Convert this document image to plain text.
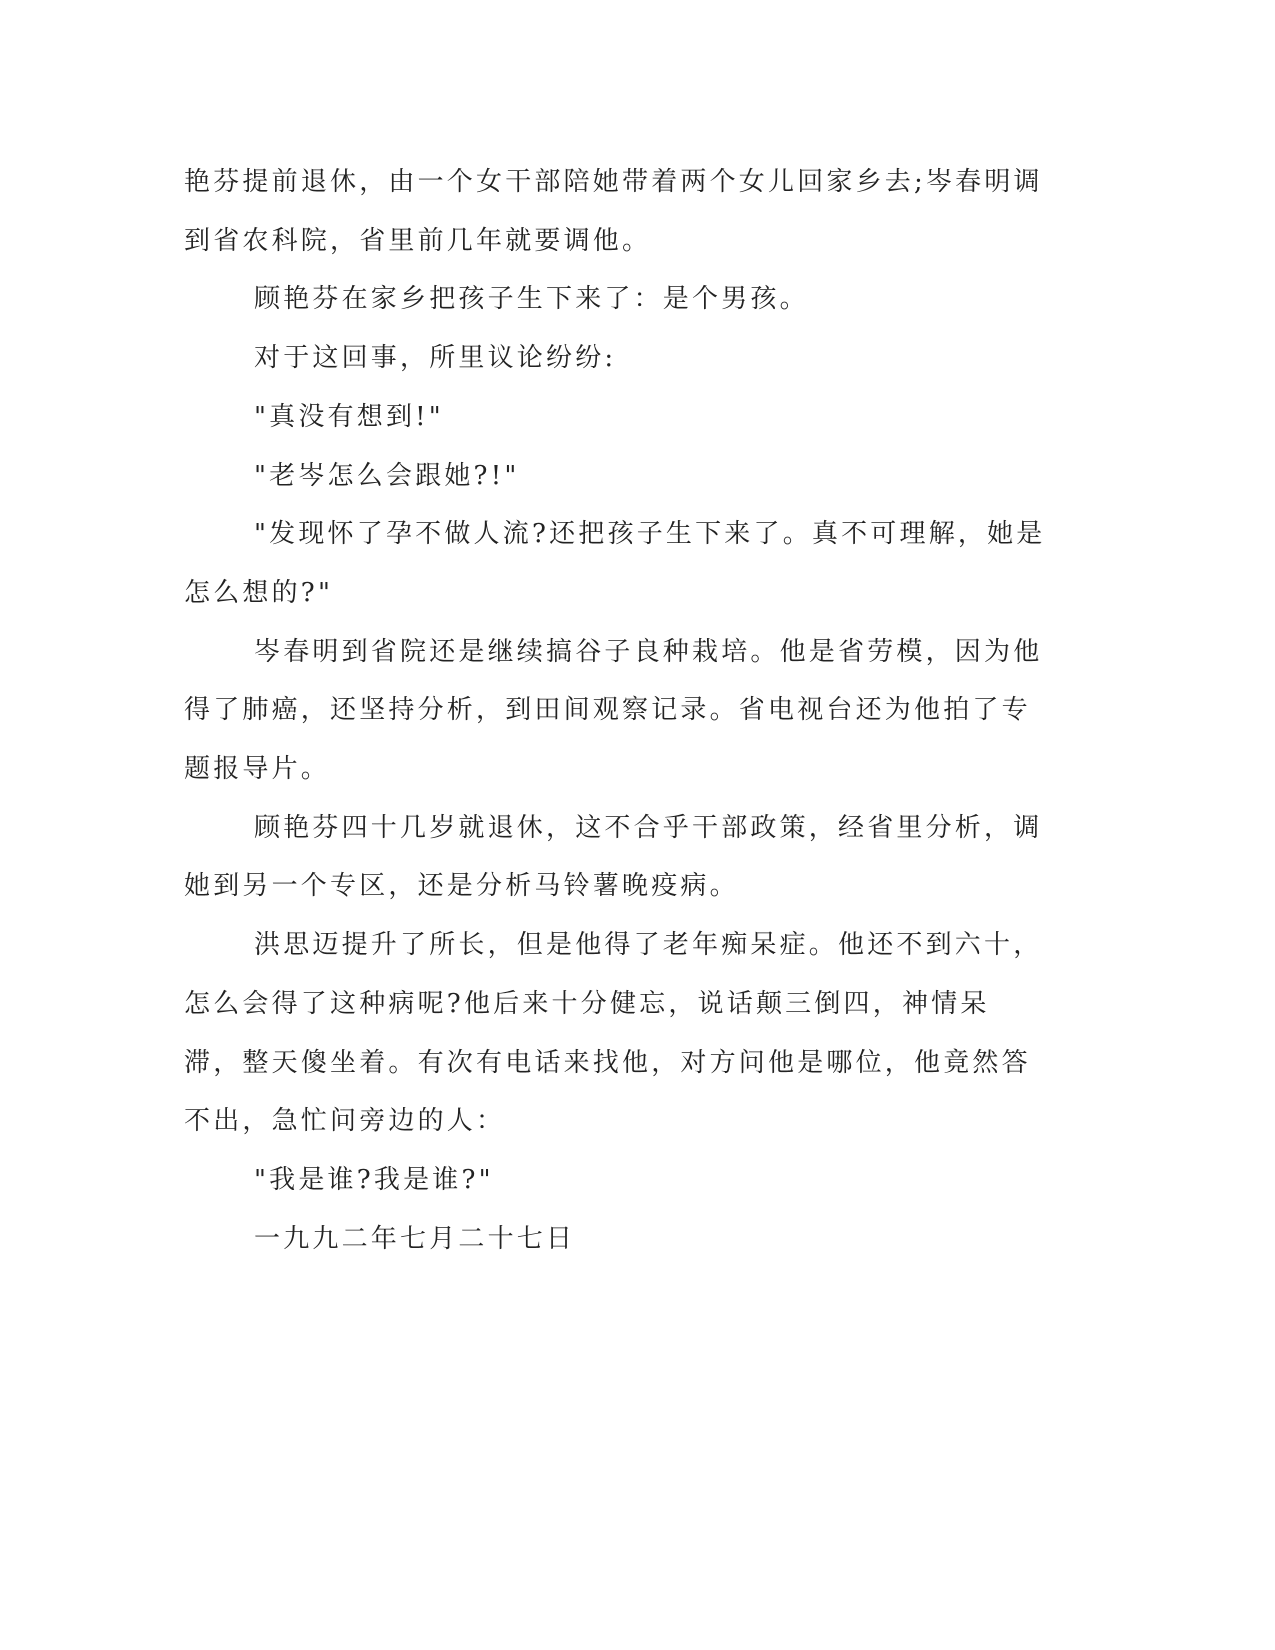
艳芬提前退休，由一个女干部陪她带着两个女儿回家乡去;岑春明调到省农科院，省里前几年就要调他。

顾艳芬在家乡把孩子生下来了：是个男孩。

对于这回事，所里议论纷纷:

"真没有想到!"

"老岑怎么会跟她?!"

"发现怀了孕不做人流?还把孩子生下来了。真不可理解，她是怎么想的?"

岑春明到省院还是继续搞谷子良种栽培。他是省劳模，因为他得了肺癌，还坚持分析，到田间观察记录。省电视台还为他拍了专题报导片。

顾艳芬四十几岁就退休，这不合乎干部政策，经省里分析，调她到另一个专区，还是分析马铃薯晚疫病。

洪思迈提升了所长，但是他得了老年痴呆症。他还不到六十，怎么会得了这种病呢?他后来十分健忘，说话颠三倒四，神情呆滞，整天傻坐着。有次有电话来找他，对方问他是哪位，他竟然答不出，急忙问旁边的人：

"我是谁?我是谁?"

一九九二年七月二十七日
